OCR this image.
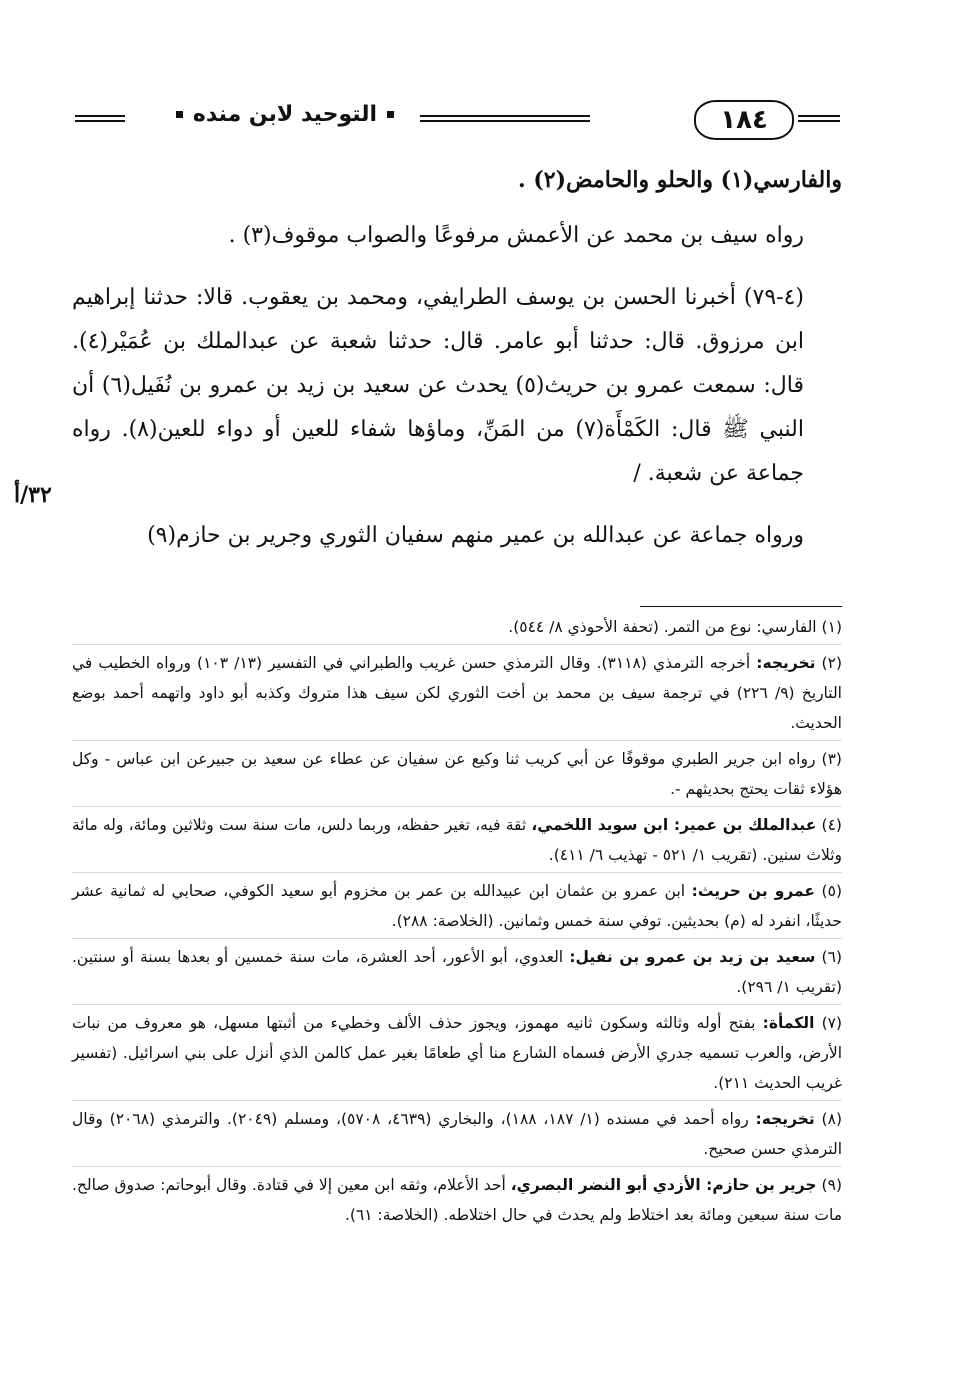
١٨٤
التوحيد لابن منده
٣٢/أ

والفارسي(١) والحلو والحامض(٢) .

رواه سيف بن محمد عن الأعمش مرفوعًا والصواب موقوف(٣) .

(٤-٧٩) أخبرنا الحسن بن يوسف الطرايفي، ومحمد بن يعقوب. قالا: حدثنا إبراهيم ابن مرزوق. قال: حدثنا أبو عامر. قال: حدثنا شعبة عن عبدالملك بن عُمَيْر(٤). قال: سمعت عمرو بن حريث(٥) يحدث عن سعيد بن زيد بن عمرو بن نُفَيل(٦) أن النبي ﷺ قال: الكَمْأَة(٧) من المَنِّ، وماؤها شفاء للعين أو دواء للعين(٨). رواه جماعة عن شعبة. /

ورواه جماعة عن عبدالله بن عمير منهم سفيان الثوري وجرير بن حازم(٩)

(١) الفارسي: نوع من التمر. (تحفة الأحوذي ٨/ ٥٤٤).

(٢) تخريجه: أخرجه الترمذي (٣١١٨). وقال الترمذي حسن غريب والطبراني في التفسير (١٣/ ١٠٣) ورواه الخطيب في التاريخ (٩/ ٢٢٦) في ترجمة سيف بن محمد بن أخت الثوري لكن سيف هذا متروك وكذبه أبو داود واتهمه أحمد بوضع الحديث.

(٣) رواه ابن جرير الطبري موقوفًا عن أبي كريب ثنا وكيع عن سفيان عن عطاء عن سعيد بن جبيرعن ابن عباس - وكل هؤلاء ثقات يحتج بحديثهم -.

(٤) عبدالملك بن عمير: ابن سويد اللخمي، ثقة فيه، تغير حفظه، وربما دلس، مات سنة ست وثلاثين ومائة، وله مائة وثلاث سنين. (تقريب ١/ ٥٢١ - تهذيب ٦/ ٤١١).

(٥) عمرو بن حريث: ابن عمرو بن عثمان ابن عبيدالله بن عمر بن مخزوم أبو سعيد الكوفي، صحابي له ثمانية عشر حديثًا، انفرد له (م) بحديثين. توفي سنة خمس وثمانين. (الخلاصة: ٢٨٨).

(٦) سعيد بن زيد بن عمرو بن نفيل: العدوي، أبو الأعور، أحد العشرة، مات سنة خمسين أو بعدها بسنة أو سنتين. (تقريب ١/ ٢٩٦).

(٧) الكمأة: بفتح أوله وثالثه وسكون ثانيه مهموز، ويجوز حذف الألف وخطيء من أثبتها مسهل، هو معروف من نبات الأرض، والعرب تسميه جدري الأرض فسماه الشارع منا أي طعامًا بغير عمل كالمن الذي أنزل على بني اسرائيل. (تفسير غريب الحديث ٢١١).

(٨) تخريجه: رواه أحمد في مسنده (١/ ١٨٧، ١٨٨)، والبخاري (٤٦٣٩، ٥٧٠٨)، ومسلم (٢٠٤٩). والترمذي (٢٠٦٨) وقال الترمذي حسن صحيح.

(٩) جرير بن حازم: الأزدي أبو النضر البصري، أحد الأعلام، وثقه ابن معين إلا في قتادة. وقال أبوحاتم: صدوق صالح. مات سنة سبعين ومائة بعد اختلاط ولم يحدث في حال اختلاطه. (الخلاصة: ٦١).
